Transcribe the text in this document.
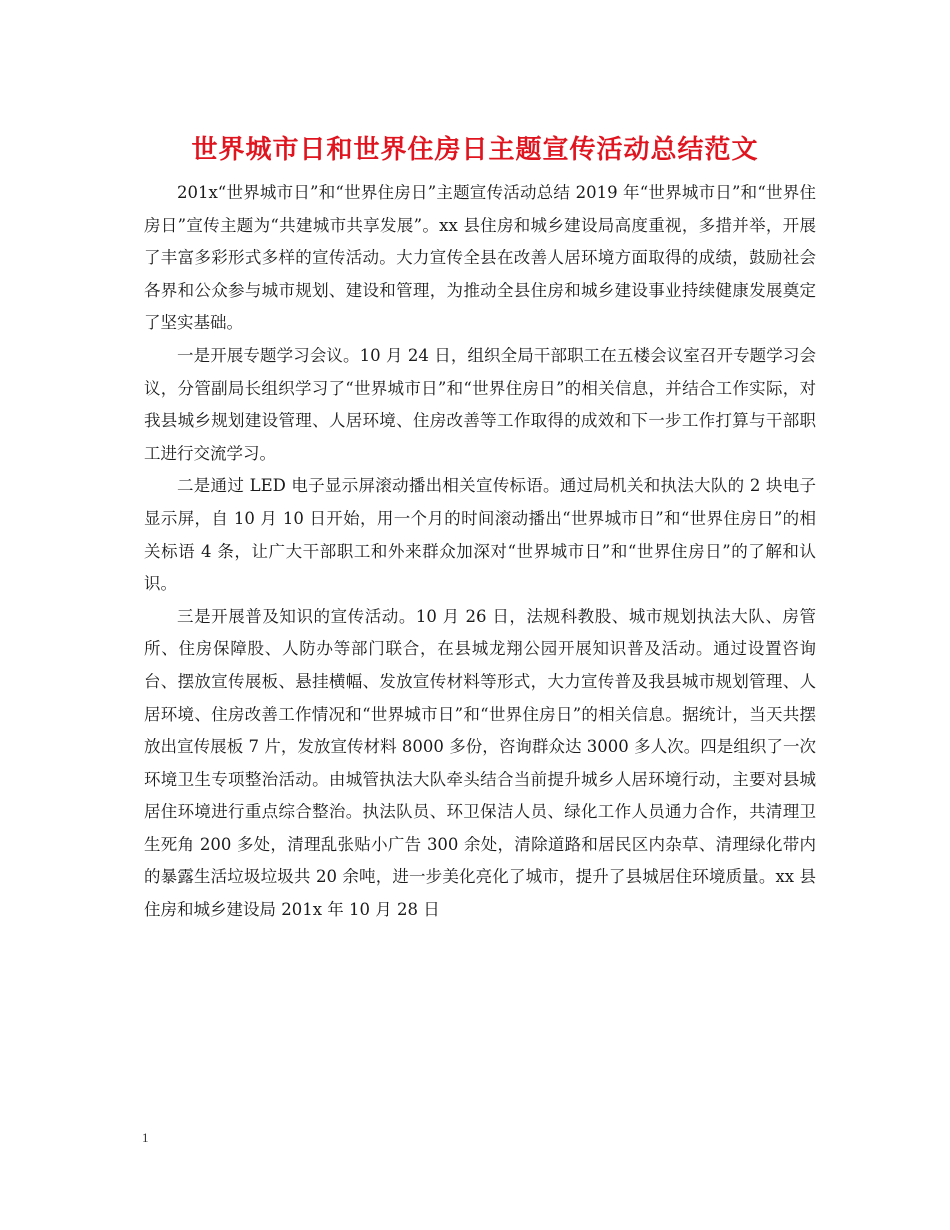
世界城市日和世界住房日主题宣传活动总结范文

201x“世界城市日”和“世界住房日”主题宣传活动总结 2019 年“世界城市日”和“世界住房日”宣传主题为“共建城市共享发展”。xx 县住房和城乡建设局高度重视，多措并举，开展了丰富多彩形式多样的宣传活动。大力宣传全县在改善人居环境方面取得的成绩，鼓励社会各界和公众参与城市规划、建设和管理，为推动全县住房和城乡建设事业持续健康发展奠定了坚实基础。

一是开展专题学习会议。10 月 24 日，组织全局干部职工在五楼会议室召开专题学习会议，分管副局长组织学习了“世界城市日”和“世界住房日”的相关信息，并结合工作实际，对我县城乡规划建设管理、人居环境、住房改善等工作取得的成效和下一步工作打算与干部职工进行交流学习。

二是通过 LED 电子显示屏滚动播出相关宣传标语。通过局机关和执法大队的 2 块电子显示屏，自 10 月 10 日开始，用一个月的时间滚动播出“世界城市日”和“世界住房日”的相关标语 4 条，让广大干部职工和外来群众加深对“世界城市日”和“世界住房日”的了解和认识。

三是开展普及知识的宣传活动。10 月 26 日，法规科教股、城市规划执法大队、房管所、住房保障股、人防办等部门联合，在县城龙翔公园开展知识普及活动。通过设置咨询台、摆放宣传展板、悬挂横幅、发放宣传材料等形式，大力宣传普及我县城市规划管理、人居环境、住房改善工作情况和“世界城市日”和“世界住房日”的相关信息。据统计，当天共摆放出宣传展板 7 片，发放宣传材料 8000 多份，咨询群众达 3000 多人次。四是组织了一次环境卫生专项整治活动。由城管执法大队牵头结合当前提升城乡人居环境行动，主要对县城居住环境进行重点综合整治。执法队员、环卫保洁人员、绿化工作人员通力合作，共清理卫生死角 200 多处，清理乱张贴小广告 300 余处，清除道路和居民区内杂草、清理绿化带内的暴露生活垃圾垃圾共 20 余吨，进一步美化亮化了城市，提升了县城居住环境质量。xx 县住房和城乡建设局 201x 年 10 月 28 日

1
